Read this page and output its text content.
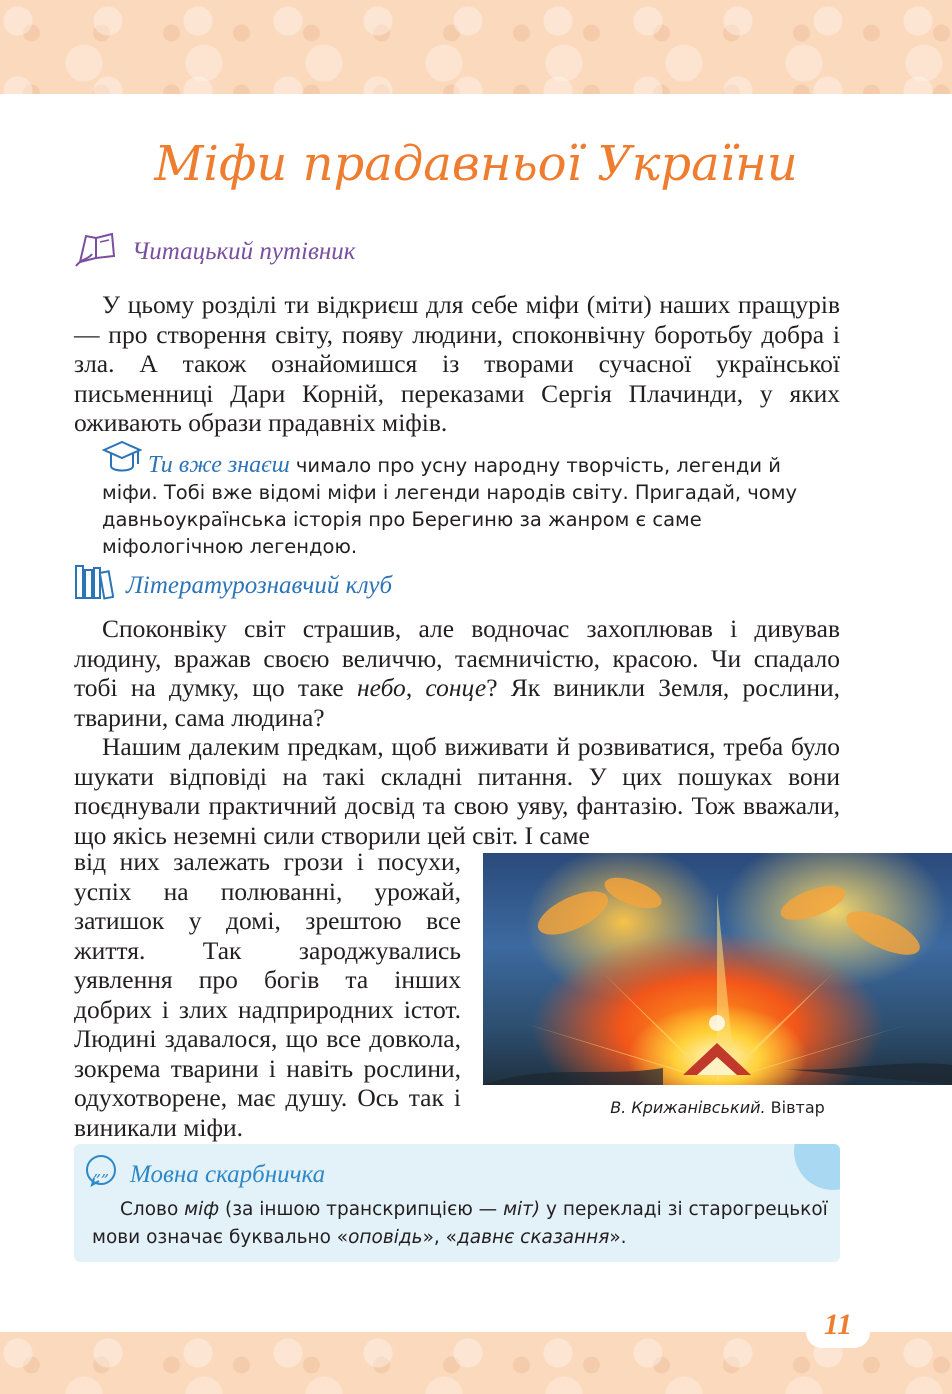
Міфи прадавньої України
Читацький путівник

У цьому розділі ти відкриєш для себе міфи (міти) наших пращурів — про створення світу, появу людини, споконвічну боротьбу добра і зла. А також ознайомишся із творами сучасної української письменниці Дари Корній, переказами Сергія Плачинди, у яких оживають образи прадавніх міфів.

Ти вже знаєш чимало про усну народну творчість, легенди й міфи. Тобі вже відомі міфи і легенди народів світу. Пригадай, чому давньоукраїнська історія про Берегиню за жанром є саме міфологічною легендою.

Літературознавчий клуб

Споконвіку світ страшив, але водночас захоплював і дивував людину, вражав своєю величчю, таємничістю, красою. Чи спадало тобі на думку, що таке небо, сонце? Як виникли Земля, рослини, тварини, сама людина?

Нашим далеким предкам, щоб виживати й розвиватися, треба було шукати відповіді на такі складні питання. У цих пошуках вони поєднували практичний досвід та свою уяву, фантазію. Тож вважали, що якісь неземні сили створили цей світ. І саме

від них залежать грози і посухи, успіх на полюванні, урожай, затишок у домі, зрештою все життя. Так зароджувались уявлення про богів та інших добрих і злих надприродних істот. Людині здавалося, що все довкола, зокрема тварини і навіть рослини, одухотворене, має душу. Ось так і виникали міфи.

В. Крижанівський. Вівтар
„ „ Мовна скарбничка

Слово міф (за іншою транскрипцією — міт) у перекладі зі старогрецької мови означає буквально «оповідь», «давнє сказання».

11
